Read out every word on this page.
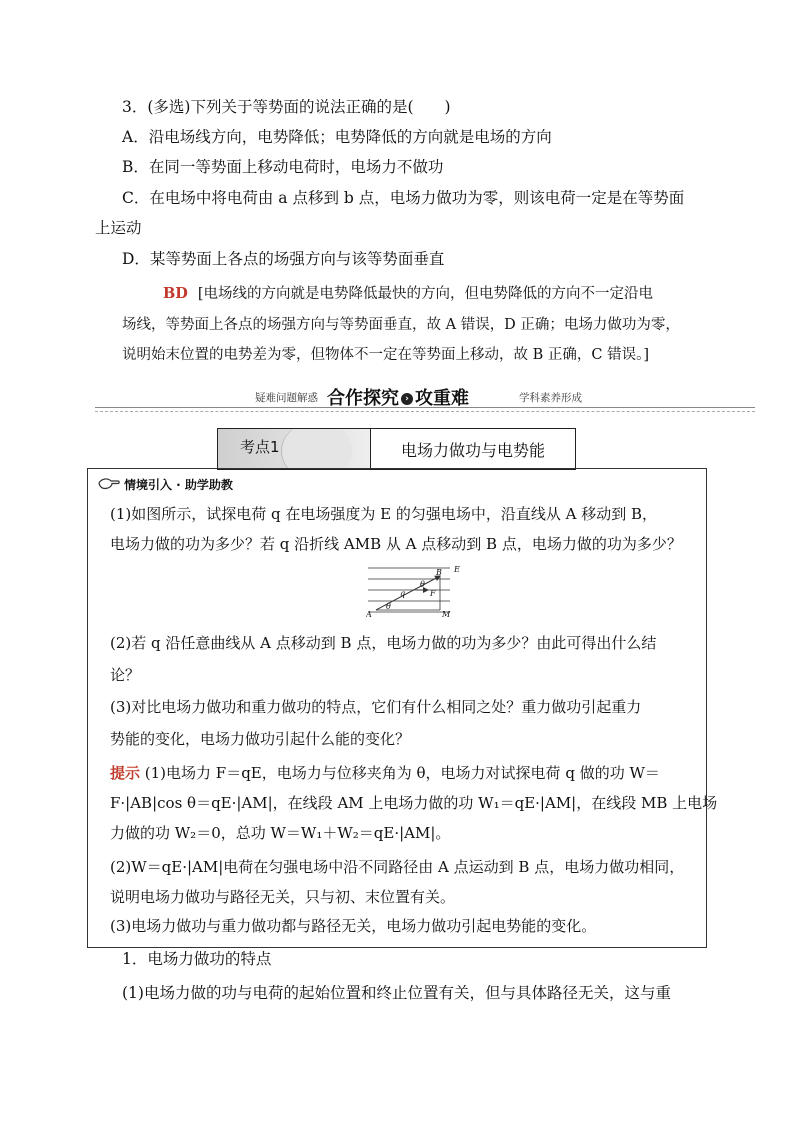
3．(多选)下列关于等势面的说法正确的是(　　)
A．沿电场线方向，电势降低；电势降低的方向就是电场的方向
B．在同一等势面上移动电荷时，电场力不做功
C．在电场中将电荷由 a 点移到 b 点，电场力做功为零，则该电荷一定是在等势面
上运动
D．某等势面上各点的场强方向与该等势面垂直
BD [电场线的方向就是电势降低最快的方向，但电势降低的方向不一定沿电
场线，等势面上各点的场强方向与等势面垂直，故 A 错误，D 正确；电场力做功为零，
说明始末位置的电势差为零，但物体不一定在等势面上移动，故 B 正确，C 错误。]
疑难问题解惑 合作探究 › 攻重难	学科素养形成
考点1	电场力做功与电势能
情境引入 · 助学助教
(1)如图所示，试探电荷 q 在电场强度为 E 的匀强电场中，沿直线从 A 移动到 B，
电场力做的功为多少？若 q 沿折线 AMB 从 A 点移动到 B 点，电场力做的功为多少？
B E
q
θ
F
θ
A	M
(2)若 q 沿任意曲线从 A 点移动到 B 点，电场力做的功为多少？由此可得出什么结
论？
(3)对比电场力做功和重力做功的特点，它们有什么相同之处？重力做功引起重力
势能的变化，电场力做功引起什么能的变化？
提示 (1)电场力 F＝qE，电场力与位移夹角为 θ，电场力对试探电荷 q 做的功 W＝
F·|AB|cos θ＝qE·|AM|，在线段 AM 上电场力做的功 W₁＝qE·|AM|，在线段 MB 上电场
力做的功 W₂＝0，总功 W＝W₁＋W₂＝qE·|AM|。
(2)W＝qE·|AM|电荷在匀强电场中沿不同路径由 A 点运动到 B 点，电场力做功相同，
说明电场力做功与路径无关，只与初、末位置有关。
(3)电场力做功与重力做功都与路径无关，电场力做功引起电势能的变化。
1．电场力做功的特点
(1)电场力做的功与电荷的起始位置和终止位置有关，但与具体路径无关，这与重
